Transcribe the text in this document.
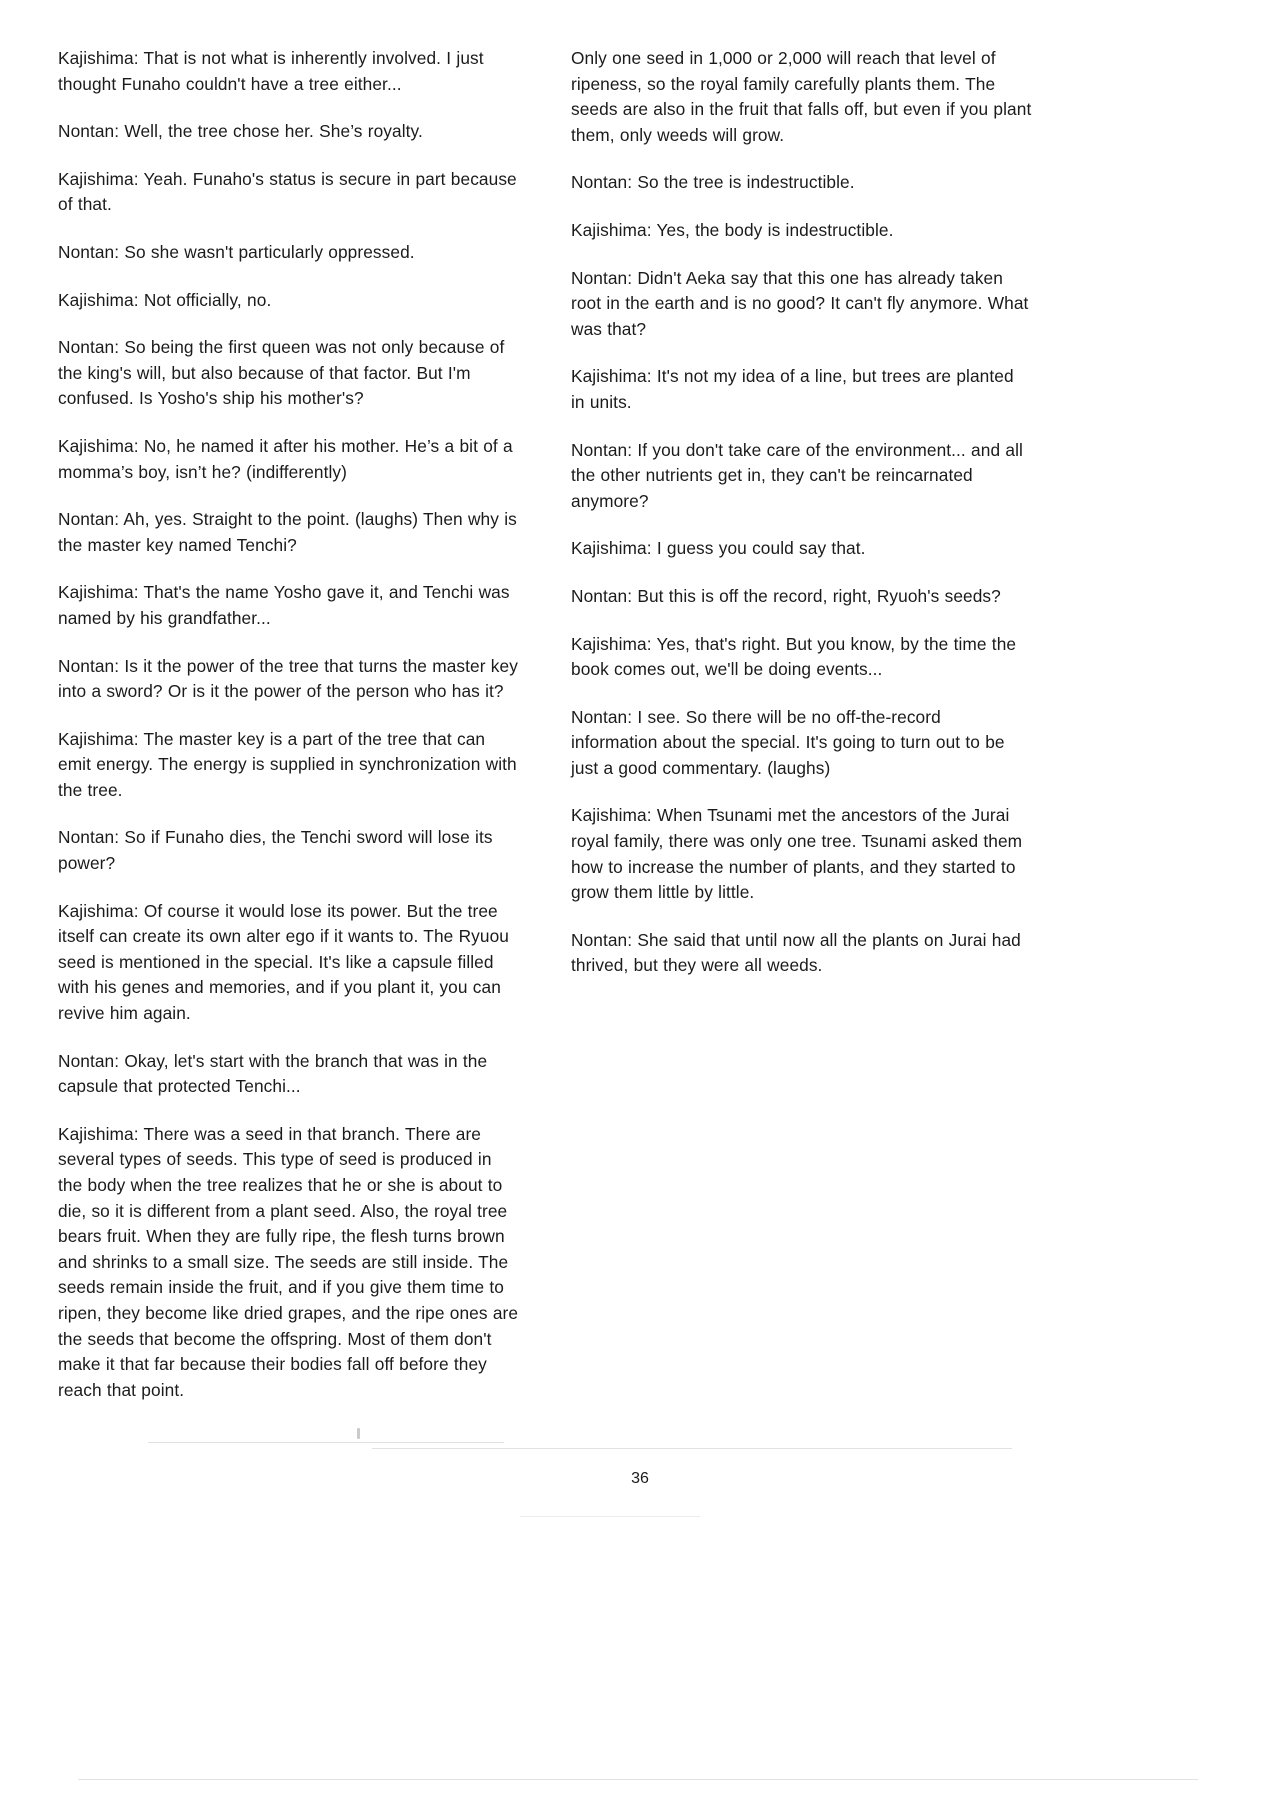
Kajishima: That is not what is inherently involved. I just thought Funaho couldn't have a tree either...

Nontan: Well, the tree chose her. She’s royalty.

Kajishima: Yeah. Funaho's status is secure in part because of that.

Nontan: So she wasn't particularly oppressed.

Kajishima: Not officially, no.

Nontan: So being the first queen was not only because of the king's will, but also because of that factor. But I'm confused. Is Yosho's ship his mother's?

Kajishima: No, he named it after his mother. He’s a bit of a momma’s boy, isn’t he? (indifferently)

Nontan: Ah, yes. Straight to the point. (laughs) Then why is the master key named Tenchi?

Kajishima: That's the name Yosho gave it, and Tenchi was named by his grandfather...

Nontan: Is it the power of the tree that turns the master key into a sword? Or is it the power of the person who has it?

Kajishima: The master key is a part of the tree that can emit energy. The energy is supplied in synchronization with the tree.

Nontan: So if Funaho dies, the Tenchi sword will lose its power?

Kajishima: Of course it would lose its power. But the tree itself can create its own alter ego if it wants to. The Ryuou seed is mentioned in the special. It's like a capsule filled with his genes and memories, and if you plant it, you can revive him again.

Nontan: Okay, let's start with the branch that was in the capsule that protected Tenchi...

Kajishima: There was a seed in that branch. There are several types of seeds. This type of seed is produced in the body when the tree realizes that he or she is about to die, so it is different from a plant seed. Also, the royal tree bears fruit. When they are fully ripe, the flesh turns brown and shrinks to a small size. The seeds are still inside. The seeds remain inside the fruit, and if you give them time to ripen, they become like dried grapes, and the ripe ones are the seeds that become the offspring. Most of them don't make it that far because their bodies fall off before they reach that point.

Only one seed in 1,000 or 2,000 will reach that level of ripeness, so the royal family carefully plants them. The seeds are also in the fruit that falls off, but even if you plant them, only weeds will grow.

Nontan: So the tree is indestructible.

Kajishima: Yes, the body is indestructible.

Nontan: Didn't Aeka say that this one has already taken root in the earth and is no good? It can't fly anymore. What was that?

Kajishima: It's not my idea of a line, but trees are planted in units.

Nontan: If you don't take care of the environment... and all the other nutrients get in, they can't be reincarnated anymore?

Kajishima: I guess you could say that.

Nontan: But this is off the record, right, Ryuoh's seeds?

Kajishima: Yes, that's right. But you know, by the time the book comes out, we'll be doing events...

Nontan: I see. So there will be no off-the-record information about the special. It's going to turn out to be just a good commentary. (laughs)

Kajishima: When Tsunami met the ancestors of the Jurai royal family, there was only one tree. Tsunami asked them how to increase the number of plants, and they started to grow them little by little.

Nontan: She said that until now all the plants on Jurai had thrived, but they were all weeds.

36
